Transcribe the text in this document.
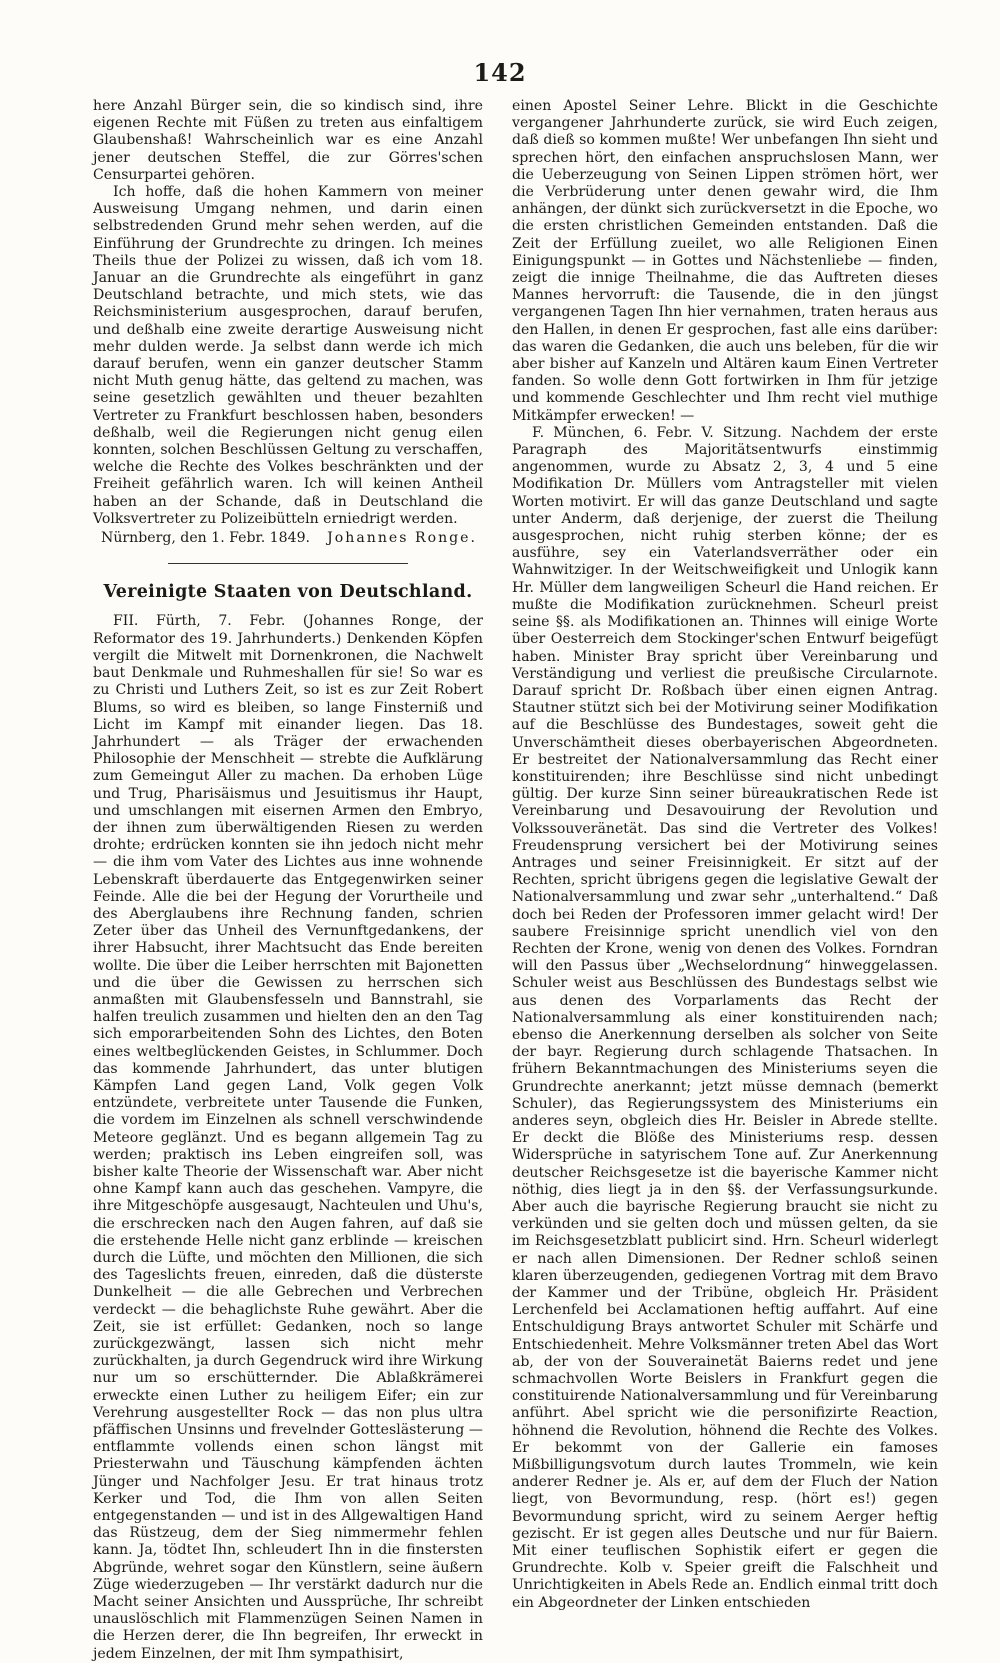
142

here Anzahl Bürger sein, die so kindisch sind, ihre eigenen Rechte mit Füßen zu treten aus einfaltigem Glaubenshaß! Wahrscheinlich war es eine Anzahl jener deutschen Steffel, die zur Görres'schen Censurpartei gehören.

Ich hoffe, daß die hohen Kammern von meiner Ausweisung Umgang nehmen, und darin einen selbstredenden Grund mehr sehen werden, auf die Einführung der Grundrechte zu dringen. Ich meines Theils thue der Polizei zu wissen, daß ich vom 18. Januar an die Grundrechte als eingeführt in ganz Deutschland betrachte, und mich stets, wie das Reichsministerium ausgesprochen, darauf berufen, und deßhalb eine zweite derartige Ausweisung nicht mehr dulden werde. Ja selbst dann werde ich mich darauf berufen, wenn ein ganzer deutscher Stamm nicht Muth genug hätte, das geltend zu machen, was seine gesetzlich gewählten und theuer bezahlten Vertreter zu Frankfurt beschlossen haben, besonders deßhalb, weil die Regierungen nicht genug eilen konnten, solchen Beschlüssen Geltung zu verschaffen, welche die Rechte des Volkes beschränkten und der Freiheit gefährlich waren. Ich will keinen Antheil haben an der Schande, daß in Deutschland die Volksvertreter zu Polizeibütteln erniedrigt werden.

Nürnberg, den 1. Febr. 1849. Johannes Ronge.
Vereinigte Staaten von Deutschland.

FII. Fürth, 7. Febr. (Johannes Ronge, der Reformator des 19. Jahrhunderts.) Denkenden Köpfen vergilt die Mitwelt mit Dornenkronen, die Nachwelt baut Denkmale und Ruhmeshallen für sie! So war es zu Christi und Luthers Zeit, so ist es zur Zeit Robert Blums, so wird es bleiben, so lange Finsterniß und Licht im Kampf mit einander liegen. Das 18. Jahrhundert — als Träger der erwachenden Philosophie der Menschheit — strebte die Aufklärung zum Gemeingut Aller zu machen. Da erhoben Lüge und Trug, Pharisäismus und Jesuitismus ihr Haupt, und umschlangen mit eisernen Armen den Embryo, der ihnen zum überwältigenden Riesen zu werden drohte; erdrücken konnten sie ihn jedoch nicht mehr — die ihm vom Vater des Lichtes aus inne wohnende Lebenskraft überdauerte das Entgegenwirken seiner Feinde. Alle die bei der Hegung der Vorurtheile und des Aberglaubens ihre Rechnung fanden, schrien Zeter über das Unheil des Vernunftgedankens, der ihrer Habsucht, ihrer Machtsucht das Ende bereiten wollte. Die über die Leiber herrschten mit Bajonetten und die über die Gewissen zu herrschen sich anmaßten mit Glaubensfesseln und Bannstrahl, sie halfen treulich zusammen und hielten den an den Tag sich emporarbeitenden Sohn des Lichtes, den Boten eines weltbeglückenden Geistes, in Schlummer. Doch das kommende Jahrhundert, das unter blutigen Kämpfen Land gegen Land, Volk gegen Volk entzündete, verbreitete unter Tausende die Funken, die vordem im Einzelnen als schnell verschwindende Meteore geglänzt. Und es begann allgemein Tag zu werden; praktisch ins Leben eingreifen soll, was bisher kalte Theorie der Wissenschaft war. Aber nicht ohne Kampf kann auch das geschehen. Vampyre, die ihre Mitgeschöpfe ausgesaugt, Nachteulen und Uhu's, die erschrecken nach den Augen fahren, auf daß sie die erstehende Helle nicht ganz erblinde — kreischen durch die Lüfte, und möchten den Millionen, die sich des Tageslichts freuen, einreden, daß die düsterste Dunkelheit — die alle Gebrechen und Verbrechen verdeckt — die behaglichste Ruhe gewährt. Aber die Zeit, sie ist erfüllet: Gedanken, noch so lange zurückgezwängt, lassen sich nicht mehr zurückhalten, ja durch Gegendruck wird ihre Wirkung nur um so erschütternder. Die Ablaßkrämerei erweckte einen Luther zu heiligem Eifer; ein zur Verehrung ausgestellter Rock — das non plus ultra pfäffischen Unsinns und frevelnder Gotteslästerung — entflammte vollends einen schon längst mit Priesterwahn und Täuschung kämpfenden ächten Jünger und Nachfolger Jesu. Er trat hinaus trotz Kerker und Tod, die Ihm von allen Seiten entgegenstanden — und ist in des Allgewaltigen Hand das Rüstzeug, dem der Sieg nimmermehr fehlen kann. Ja, tödtet Ihn, schleudert Ihn in die finstersten Abgründe, wehret sogar den Künstlern, seine äußern Züge wiederzugeben — Ihr verstärkt dadurch nur die Macht seiner Ansichten und Aussprüche, Ihr schreibt unauslöschlich mit Flammenzügen Seinen Namen in die Herzen derer, die Ihn begreifen, Ihr erweckt in jedem Einzelnen, der mit Ihm sympathisirt,

einen Apostel Seiner Lehre. Blickt in die Geschichte vergangener Jahrhunderte zurück, sie wird Euch zeigen, daß dieß so kommen mußte! Wer unbefangen Ihn sieht und sprechen hört, den einfachen anspruchslosen Mann, wer die Ueberzeugung von Seinen Lippen strömen hört, wer die Verbrüderung unter denen gewahr wird, die Ihm anhängen, der dünkt sich zurückversetzt in die Epoche, wo die ersten christlichen Gemeinden entstanden. Daß die Zeit der Erfüllung zueilet, wo alle Religionen Einen Einigungspunkt — in Gottes und Nächstenliebe — finden, zeigt die innige Theilnahme, die das Auftreten dieses Mannes hervorruft: die Tausende, die in den jüngst vergangenen Tagen Ihn hier vernahmen, traten heraus aus den Hallen, in denen Er gesprochen, fast alle eins darüber: das waren die Gedanken, die auch uns beleben, für die wir aber bisher auf Kanzeln und Altären kaum Einen Vertreter fanden. So wolle denn Gott fortwirken in Ihm für jetzige und kommende Geschlechter und Ihm recht viel muthige Mitkämpfer erwecken! —

F. München, 6. Febr. V. Sitzung. Nachdem der erste Paragraph des Majoritätsentwurfs einstimmig angenommen, wurde zu Absatz 2, 3, 4 und 5 eine Modifikation Dr. Müllers vom Antragsteller mit vielen Worten motivirt. Er will das ganze Deutschland und sagte unter Anderm, daß derjenige, der zuerst die Theilung ausgesprochen, nicht ruhig sterben könne; der es ausführe, sey ein Vaterlandsverräther oder ein Wahnwitziger. In der Weitschweifigkeit und Unlogik kann Hr. Müller dem langweiligen Scheurl die Hand reichen. Er mußte die Modifikation zurücknehmen. Scheurl preist seine §§. als Modifikationen an. Thinnes will einige Worte über Oesterreich dem Stockinger'schen Entwurf beigefügt haben. Minister Bray spricht über Vereinbarung und Verständigung und verliest die preußische Circularnote. Darauf spricht Dr. Roßbach über einen eignen Antrag. Stautner stützt sich bei der Motivirung seiner Modifikation auf die Beschlüsse des Bundestages, soweit geht die Unverschämtheit dieses oberbayerischen Abgeordneten. Er bestreitet der Nationalversammlung das Recht einer konstituirenden; ihre Beschlüsse sind nicht unbedingt gültig. Der kurze Sinn seiner büreaukratischen Rede ist Vereinbarung und Desavouirung der Revolution und Volkssouveränetät. Das sind die Vertreter des Volkes! Freudensprung versichert bei der Motivirung seines Antrages und seiner Freisinnigkeit. Er sitzt auf der Rechten, spricht übrigens gegen die legislative Gewalt der Nationalversammlung und zwar sehr „unterhaltend.“ Daß doch bei Reden der Professoren immer gelacht wird! Der saubere Freisinnige spricht unendlich viel von den Rechten der Krone, wenig von denen des Volkes. Forndran will den Passus über „Wechselordnung“ hinweggelassen. Schuler weist aus Beschlüssen des Bundestags selbst wie aus denen des Vorparlaments das Recht der Nationalversammlung als einer konstituirenden nach; ebenso die Anerkennung derselben als solcher von Seite der bayr. Regierung durch schlagende Thatsachen. In frühern Bekanntmachungen des Ministeriums seyen die Grundrechte anerkannt; jetzt müsse demnach (bemerkt Schuler), das Regierungssystem des Ministeriums ein anderes seyn, obgleich dies Hr. Beisler in Abrede stellte. Er deckt die Blöße des Ministeriums resp. dessen Widersprüche in satyrischem Tone auf. Zur Anerkennung deutscher Reichsgesetze ist die bayerische Kammer nicht nöthig, dies liegt ja in den §§. der Verfassungsurkunde. Aber auch die bayrische Regierung braucht sie nicht zu verkünden und sie gelten doch und müssen gelten, da sie im Reichsgesetzblatt publicirt sind. Hrn. Scheurl widerlegt er nach allen Dimensionen. Der Redner schloß seinen klaren überzeugenden, gediegenen Vortrag mit dem Bravo der Kammer und der Tribüne, obgleich Hr. Präsident Lerchenfeld bei Acclamationen heftig auffahrt. Auf eine Entschuldigung Brays antwortet Schuler mit Schärfe und Entschiedenheit. Mehre Volksmänner treten Abel das Wort ab, der von der Souverainetät Baierns redet und jene schmachvollen Worte Beislers in Frankfurt gegen die constituirende Nationalversammlung und für Vereinbarung anführt. Abel spricht wie die personifizirte Reaction, höhnend die Revolution, höhnend die Rechte des Volkes. Er bekommt von der Gallerie ein famoses Mißbilligungsvotum durch lautes Trommeln, wie kein anderer Redner je. Als er, auf dem der Fluch der Nation liegt, von Bevormundung, resp. (hört es!) gegen Bevormundung spricht, wird zu seinem Aerger heftig gezischt. Er ist gegen alles Deutsche und nur für Baiern. Mit einer teuflischen Sophistik eifert er gegen die Grundrechte. Kolb v. Speier greift die Falschheit und Unrichtigkeiten in Abels Rede an. Endlich einmal tritt doch ein Abgeordneter der Linken entschieden
